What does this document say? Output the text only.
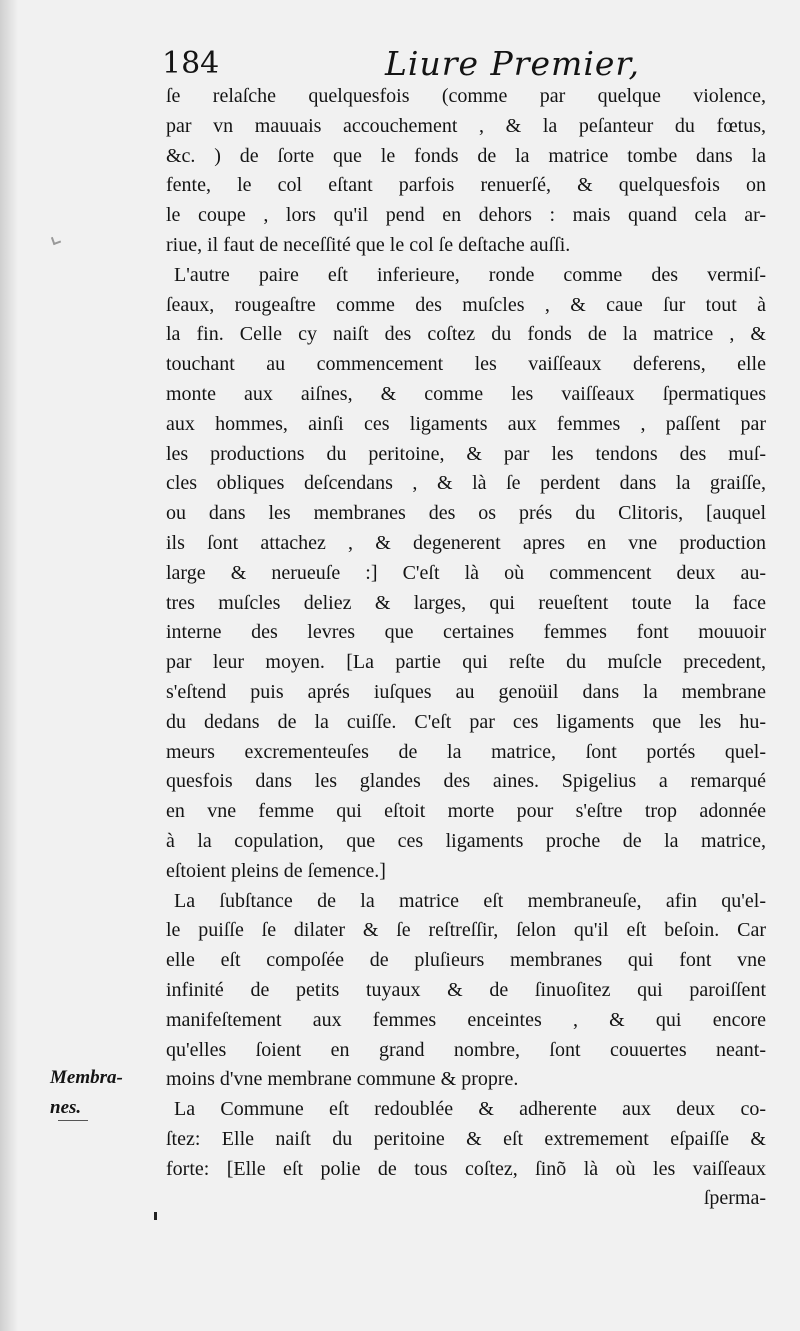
184	Liure Premier,
ſe relaſche quelquesfois (comme par quelque violence,
par vn mauuais accouchement , & la peſanteur du fœtus,
&c. ) de ſorte que le fonds de la matrice tombe dans la
fente, le col eſtant parfois renuerſé, & quelquesfois on
le coupe , lors qu'il pend en dehors : mais quand cela ar-
riue, il faut de neceſſité que le col ſe deſtache auſſi.
L'autre paire eſt inferieure, ronde comme des vermiſ-
ſeaux, rougeaſtre comme des muſcles , & caue ſur tout à
la fin. Celle cy naiſt des coſtez du fonds de la matrice , &
touchant au commencement les vaiſſeaux deferens, elle
monte aux aiſnes, & comme les vaiſſeaux ſpermatiques
aux hommes, ainſi ces ligaments aux femmes , paſſent par
les productions du peritoine, & par les tendons des muſ-
cles obliques deſcendans , & là ſe perdent dans la graiſſe,
ou dans les membranes des os prés du Clitoris, [auquel
ils ſont attachez , & degenerent apres en vne production
large & nerueuſe :] C'eſt là où commencent deux au-
tres muſcles deliez & larges, qui reueſtent toute la face
interne des levres que certaines femmes font mouuoir
par leur moyen. [La partie qui reſte du muſcle precedent,
s'eſtend puis aprés iuſques au genoüil dans la membrane
du dedans de la cuiſſe. C'eſt par ces ligaments que les hu-
meurs excrementeuſes de la matrice, ſont portés quel-
quesfois dans les glandes des aines. Spigelius a remarqué
en vne femme qui eſtoit morte pour s'eſtre trop adonnée
à la copulation, que ces ligaments proche de la matrice,
eſtoient pleins de ſemence.]
La ſubſtance de la matrice eſt membraneuſe, afin qu'el-
le puiſſe ſe dilater & ſe reſtreſſir, ſelon qu'il eſt beſoin. Car
elle eſt compoſée de pluſieurs membranes qui font vne
infinité de petits tuyaux & de ſinuoſitez qui paroiſſent
manifeſtement aux femmes enceintes , & qui encore
qu'elles ſoient en grand nombre, ſont couuertes neant-
moins d'vne membrane commune & propre.
La Commune eſt redoublée & adherente aux deux co-
ſtez: Elle naiſt du peritoine & eſt extremement eſpaiſſe &
forte: [Elle eſt polie de tous coſtez, ſinõ là où les vaiſſeaux
ſperma-
Membra-
nes.
